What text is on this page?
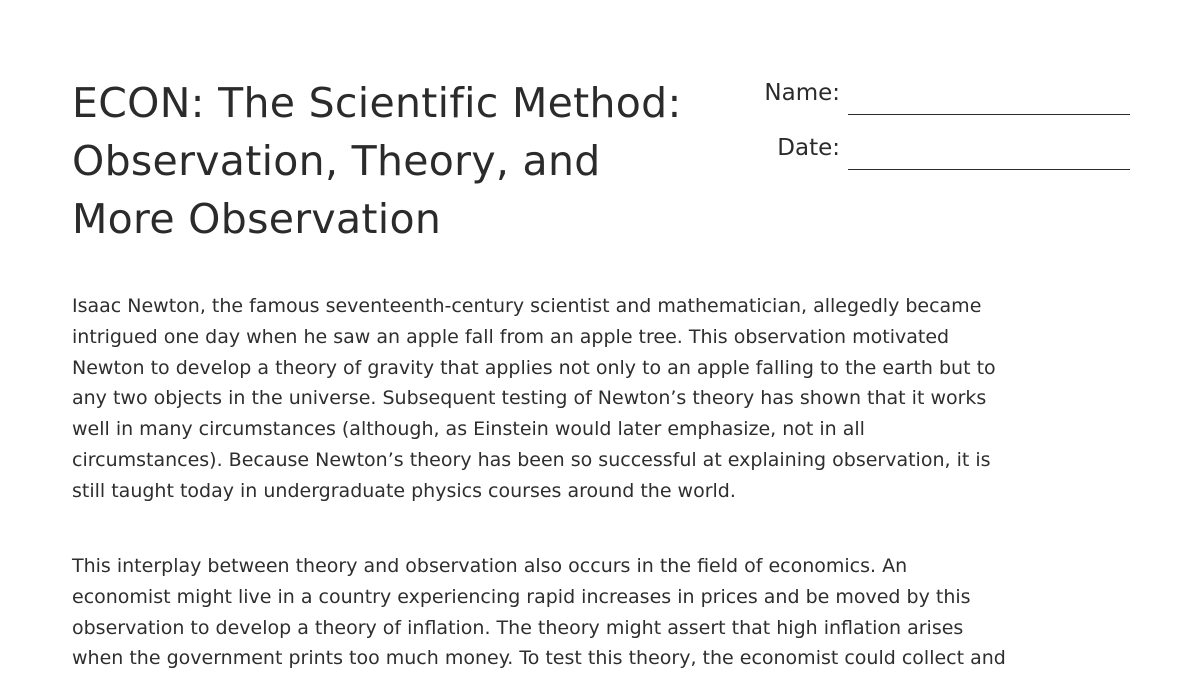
ECON: The Scientific Method:
Observation, Theory, and
More Observation
Name:
Date:

Isaac Newton, the famous seventeenth-century scientist and mathematician, allegedly became
intrigued one day when he saw an apple fall from an apple tree. This observation motivated
Newton to develop a theory of gravity that applies not only to an apple falling to the earth but to
any two objects in the universe. Subsequent testing of Newton’s theory has shown that it works
well in many circumstances (although, as Einstein would later emphasize, not in all
circumstances). Because Newton’s theory has been so successful at explaining observation, it is
still taught today in undergraduate physics courses around the world.

This interplay between theory and observation also occurs in the field of economics. An
economist might live in a country experiencing rapid increases in prices and be moved by this
observation to develop a theory of inflation. The theory might assert that high inflation arises
when the government prints too much money. To test this theory, the economist could collect and
